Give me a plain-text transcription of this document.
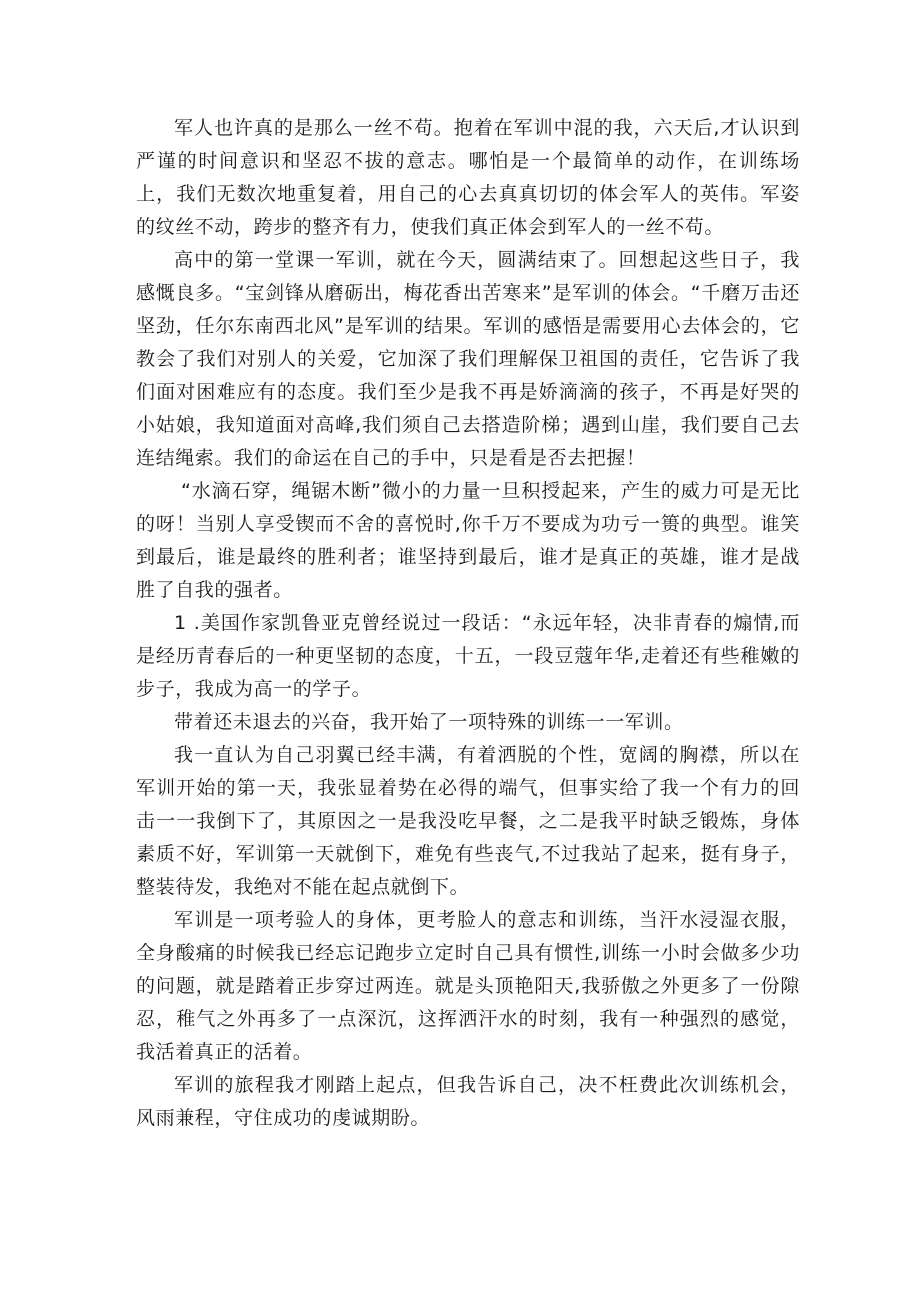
军人也许真的是那么一丝不苟。抱着在军训中混的我，六天后,才认识到严谨的时间意识和坚忍不拔的意志。哪怕是一个最简单的动作，在训练场上，我们无数次地重复着，用自己的心去真真切切的体会军人的英伟。军姿的纹丝不动，跨步的整齐有力，使我们真正体会到军人的一丝不苟。

高中的第一堂课一军训，就在今天，圆满结束了。回想起这些日子，我感慨良多。“宝剑锋从磨砺出，梅花香出苦寒来”是军训的体会。“千磨万击还坚劲，任尔东南西北风”是军训的结果。军训的感悟是需要用心去体会的，它教会了我们对别人的关爱，它加深了我们理解保卫祖国的责任，它告诉了我们面对困难应有的态度。我们至少是我不再是娇滴滴的孩子，不再是好哭的小姑娘，我知道面对高峰,我们须自己去搭造阶梯；遇到山崖，我们要自己去连结绳索。我们的命运在自己的手中，只是看是否去把握！

“水滴石穿，绳锯木断”微小的力量一旦积授起来，产生的威力可是无比的呀！当别人享受锲而不舍的喜悦时,你千万不要成为功亏一篑的典型。谁笑到最后，谁是最终的胜利者；谁坚持到最后，谁才是真正的英雄，谁才是战胜了自我的强者。

1 .美国作家凯鲁亚克曾经说过一段话：“永远年轻，决非青春的煽情,而是经历青春后的一种更坚韧的态度，十五，一段豆蔻年华,走着还有些稚嫩的步子，我成为高一的学子。

带着还未退去的兴奋，我开始了一项特殊的训练一一军训。

我一直认为自己羽翼已经丰满，有着洒脱的个性，宽阔的胸襟，所以在军训开始的第一天，我张显着势在必得的端气，但事实给了我一个有力的回击一一我倒下了，其原因之一是我没吃早餐，之二是我平时缺乏锻炼，身体素质不好，军训第一天就倒下，难免有些丧气,不过我站了起来，挺有身子，整装待发，我绝对不能在起点就倒下。

军训是一项考验人的身体，更考脸人的意志和训练，当汗水浸湿衣服，全身酸痛的时候我已经忘记跑步立定时自己具有惯性,训练一小时会做多少功的问题，就是踏着正步穿过两连。就是头顶艳阳天,我骄傲之外更多了一份隙忍，稚气之外再多了一点深沉，这挥洒汗水的时刻，我有一种强烈的感觉，我活着真正的活着。

军训的旅程我才刚踏上起点，但我告诉自己，决不枉费此次训练机会，风雨兼程，守住成功的虔诚期盼。
